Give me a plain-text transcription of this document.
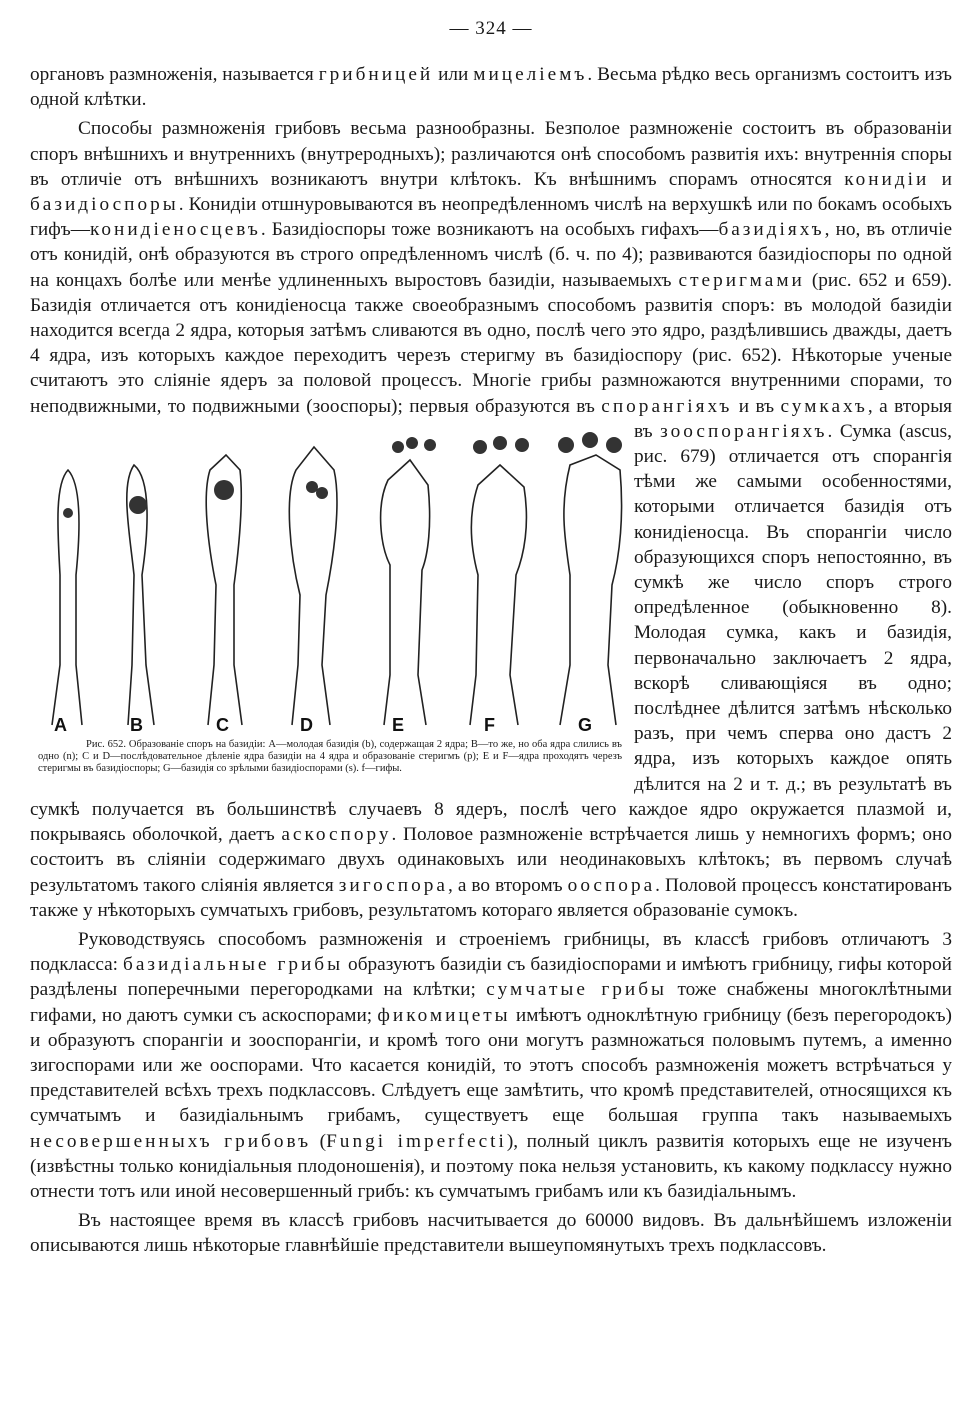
— 324 —

органовъ размноженія, называется грибницей или мицеліемъ. Весьма рѣдко весь организмъ состоитъ изъ одной клѣтки.

Способы размноженія грибовъ весьма разнообразны. Безполое размноженіе состоитъ въ образованіи споръ внѣшнихъ и внутреннихъ (внутреродныхъ); различаются онѣ способомъ развитія ихъ: внутреннія споры въ отличіе отъ внѣшнихъ возникаютъ внутри клѣтокъ. Къ внѣшнимъ спорамъ относятся конидіи и базидіоспоры. Конидіи отшнуровываются въ неопредѣленномъ числѣ на верхушкѣ или по бокамъ особыхъ гифъ—конидіеносцевъ. Базидіоспоры тоже возникаютъ на особыхъ гифахъ—базидіяхъ, но, въ отличіе отъ конидій, онѣ образуются въ строго опредѣленномъ числѣ (б. ч. по 4); развиваются базидіоспоры по одной на концахъ болѣе или менѣе удлиненныхъ выростовъ базидіи, называемыхъ стеригмами (рис. 652 и 659). Базидія отличается отъ конидіеносца также своеобразнымъ способомъ развитія споръ: въ молодой базидіи находится всегда 2 ядра, которыя затѣмъ сливаются въ одно, послѣ чего это ядро, раздѣлившись дважды, даетъ 4 ядра, изъ которыхъ каждое переходитъ черезъ стеригму въ базидіоспору (рис. 652). Нѣкоторые ученые считаютъ это сліяніе ядеръ за половой процессъ. Многіе грибы размножаются внутренними спорами, то неподвижными, то подвижными (зооспоры); первыя образуются въ
A	B	C	D	E	F	G
Рис. 652. Образованіе споръ на базидіи: А—молодая базидія (b), содержащая 2 ядра; В—то же, но оба ядра слились въ одно (n); С и D—послѣдовательное дѣленіе ядра базидіи на 4 ядра и образованіе стеригмъ (p); Е и F—ядра проходятъ черезъ стеригмы въ базидіоспоры; G—базидія со зрѣлыми базидіоспорами (s). f—гифы.
спорангіяхъ и въ сумкахъ, а вторыя въ зооспорангіяхъ. Сумка (ascus, рис. 679) отличается отъ спорангія тѣми же самыми особенностями, которыми отличается базидія отъ конидіеносца. Въ спорангіи число образующихся споръ непостоянно, въ сумкѣ же число споръ строго опредѣленное (обыкновенно 8). Молодая сумка, какъ и базидія, первоначально заключаетъ 2 ядра, вскорѣ сливающіяся въ одно; послѣднее дѣлится затѣмъ нѣсколько разъ, при чемъ сперва оно дастъ 2 ядра, изъ которыхъ каждое опять дѣлится на 2 и т. д.; въ результатѣ въ сумкѣ получается въ большинствѣ случаевъ 8 ядеръ, послѣ чего каждое ядро окружается плазмой и, покрываясь оболочкой, даетъ аскоспору. Половое размноженіе встрѣчается лишь у немногихъ формъ; оно состоитъ въ сліяніи содержимаго двухъ одинаковыхъ или неодинаковыхъ клѣтокъ; въ первомъ случаѣ результатомъ такого сліянія является зигоспора, а во второмъ ооспора. Половой процессъ констатированъ также у нѣкоторыхъ сумчатыхъ грибовъ, результатомъ котораго является образованіе сумокъ.

Руководствуясь способомъ размноженія и строеніемъ грибницы, въ классѣ грибовъ отличаютъ 3 подкласса: базидіальные грибы образуютъ базидіи съ базидіоспорами и имѣютъ грибницу, гифы которой раздѣлены поперечными перегородками на клѣтки; сумчатые грибы тоже снабжены многоклѣтными гифами, но даютъ сумки съ аскоспорами; фикомицеты имѣютъ одноклѣтную грибницу (безъ перегородокъ) и образуютъ спорангіи и зооспорангіи, и кромѣ того они могутъ размножаться половымъ путемъ, а именно зигоспорами или же ооспорами. Что касается конидій, то этотъ способъ размноженія можетъ встрѣчаться у представителей всѣхъ трехъ подклассовъ. Слѣдуетъ еще замѣтить, что кромѣ представителей, относящихся къ сумчатымъ и базидіальнымъ грибамъ, существуетъ еще большая группа такъ называемыхъ несовершенныхъ грибовъ (Fungi imperfecti), полный циклъ развитія которыхъ еще не изученъ (извѣстны только конидіальныя плодоношенія), и поэтому пока нельзя установить, къ какому подклассу нужно отнести тотъ или иной несовершенный грибъ: къ сумчатымъ грибамъ или къ базидіальнымъ.

Въ настоящее время въ классѣ грибовъ насчитывается до 60000 видовъ. Въ дальнѣйшемъ изложеніи описываются лишь нѣкоторые главнѣйшіе представители вышеупомянутыхъ трехъ подклассовъ.
